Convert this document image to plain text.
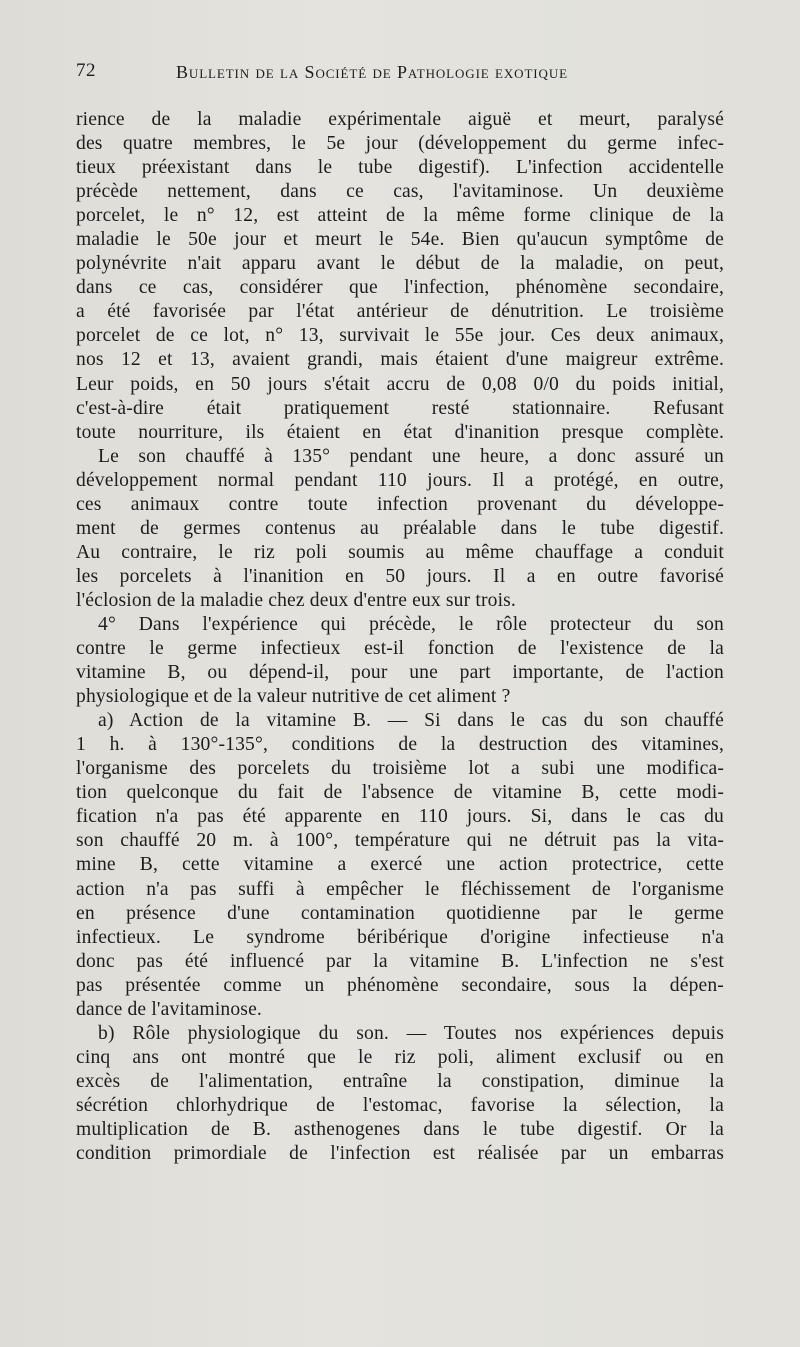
72	Bulletin de la Société de Pathologie exotique
rience de la maladie expérimentale aiguë et meurt, paralysé
des quatre membres, le 5e jour (développement du germe infec-
tieux préexistant dans le tube digestif). L'infection accidentelle
précède nettement, dans ce cas, l'avitaminose. Un deuxième
porcelet, le n° 12, est atteint de la même forme clinique de la
maladie le 50e jour et meurt le 54e. Bien qu'aucun symptôme de
polynévrite n'ait apparu avant le début de la maladie, on peut,
dans ce cas, considérer que l'infection, phénomène secondaire,
a été favorisée par l'état antérieur de dénutrition. Le troisième
porcelet de ce lot, n° 13, survivait le 55e jour. Ces deux animaux,
nos 12 et 13, avaient grandi, mais étaient d'une maigreur extrême.
Leur poids, en 50 jours s'était accru de 0,08 0/0 du poids initial,
c'est-à-dire était pratiquement resté stationnaire. Refusant
toute nourriture, ils étaient en état d'inanition presque complète.
Le son chauffé à 135° pendant une heure, a donc assuré un
développement normal pendant 110 jours. Il a protégé, en outre,
ces animaux contre toute infection provenant du développe-
ment de germes contenus au préalable dans le tube digestif.
Au contraire, le riz poli soumis au même chauffage a conduit
les porcelets à l'inanition en 50 jours. Il a en outre favorisé
l'éclosion de la maladie chez deux d'entre eux sur trois.
4° Dans l'expérience qui précède, le rôle protecteur du son
contre le germe infectieux est-il fonction de l'existence de la
vitamine B, ou dépend-il, pour une part importante, de l'action
physiologique et de la valeur nutritive de cet aliment ?
a) Action de la vitamine B. — Si dans le cas du son chauffé
1 h. à 130°-135°, conditions de la destruction des vitamines,
l'organisme des porcelets du troisième lot a subi une modifica-
tion quelconque du fait de l'absence de vitamine B, cette modi-
fication n'a pas été apparente en 110 jours. Si, dans le cas du
son chauffé 20 m. à 100°, température qui ne détruit pas la vita-
mine B, cette vitamine a exercé une action protectrice, cette
action n'a pas suffi à empêcher le fléchissement de l'organisme
en présence d'une contamination quotidienne par le germe
infectieux. Le syndrome béribérique d'origine infectieuse n'a
donc pas été influencé par la vitamine B. L'infection ne s'est
pas présentée comme un phénomène secondaire, sous la dépen-
dance de l'avitaminose.
b) Rôle physiologique du son. — Toutes nos expériences depuis
cinq ans ont montré que le riz poli, aliment exclusif ou en
excès de l'alimentation, entraîne la constipation, diminue la
sécrétion chlorhydrique de l'estomac, favorise la sélection, la
multiplication de B. asthenogenes dans le tube digestif. Or la
condition primordiale de l'infection est réalisée par un embarras
